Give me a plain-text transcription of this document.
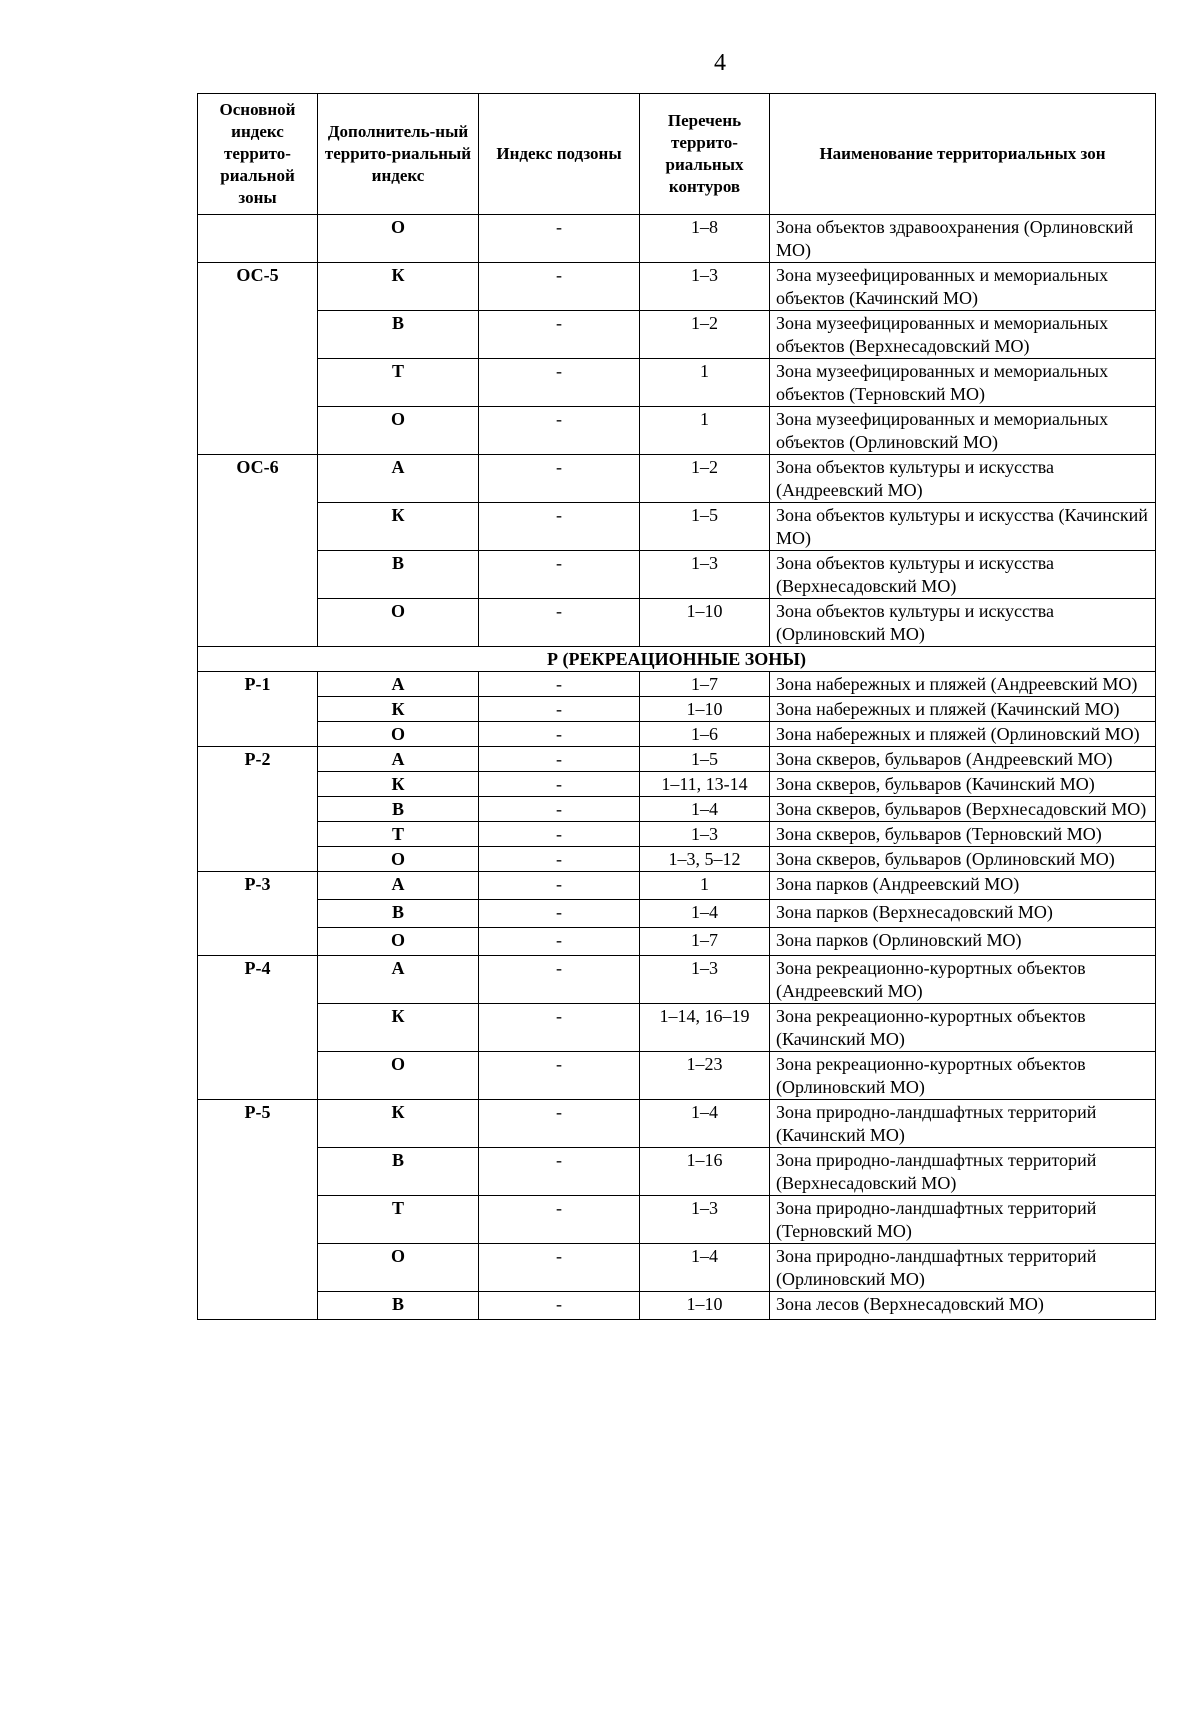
4
Основной индекс террито-риальной зоны	Дополнитель-ный террито-риальный индекс	Индекс подзоны	Перечень террито-риальных контуров	Наименование территориальных зон
	О	-	1–8	Зона объектов здравоохранения (Орлиновский МО)
ОС-5	К	-	1–3	Зона музеефицированных и мемориальных объектов (Качинский МО)
	В	-	1–2	Зона музеефицированных и мемориальных объектов (Верхнесадовский МО)
	Т	-	1	Зона музеефицированных и мемориальных объектов (Терновский МО)
	О	-	1	Зона музеефицированных и мемориальных объектов (Орлиновский МО)
ОС-6	А	-	1–2	Зона объектов культуры и искусства (Андреевский МО)
	К	-	1–5	Зона объектов культуры и искусства (Качинский МО)
	В	-	1–3	Зона объектов культуры и искусства (Верхнесадовский МО)
	О	-	1–10	Зона объектов культуры и искусства (Орлиновский МО)
Р (РЕКРЕАЦИОННЫЕ ЗОНЫ)				
Р-1	А	-	1–7	Зона набережных и пляжей (Андреевский МО)
	К	-	1–10	Зона набережных и пляжей (Качинский МО)
	О	-	1–6	Зона набережных и пляжей (Орлиновский МО)
Р-2	А	-	1–5	Зона скверов, бульваров (Андреевский МО)
	К	-	1–11, 13-14	Зона скверов, бульваров (Качинский МО)
	В	-	1–4	Зона скверов, бульваров (Верхнесадовский МО)
	Т	-	1–3	Зона скверов, бульваров (Терновский МО)
	О	-	1–3, 5–12	Зона скверов, бульваров (Орлиновский МО)
Р-3	А	-	1	Зона парков (Андреевский МО)
	В	-	1–4	Зона парков (Верхнесадовский МО)
	О	-	1–7	Зона парков (Орлиновский МО)
Р-4	А	-	1–3	Зона рекреационно-курортных объектов (Андреевский МО)
	К	-	1–14, 16–19	Зона рекреационно-курортных объектов (Качинский МО)
	О	-	1–23	Зона рекреационно-курортных объектов (Орлиновский МО)
Р-5	К	-	1–4	Зона природно-ландшафтных территорий (Качинский МО)
	В	-	1–16	Зона природно-ландшафтных территорий (Верхнесадовский МО)
	Т	-	1–3	Зона природно-ландшафтных территорий (Терновский МО)
	О	-	1–4	Зона природно-ландшафтных территорий (Орлиновский МО)
	В	-	1–10	Зона лесов (Верхнесадовский МО)
